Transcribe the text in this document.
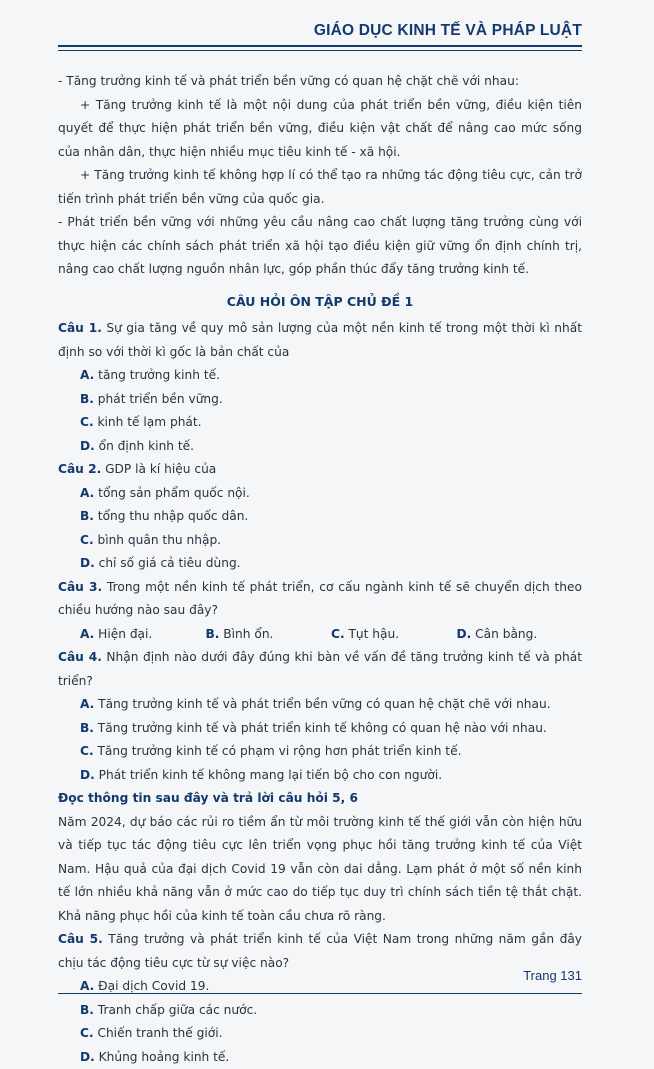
GIÁO DỤC KINH TẾ VÀ PHÁP LUẬT

- Tăng trưởng kinh tế và phát triển bền vững có quan hệ chặt chẽ với nhau:

+ Tăng trưởng kinh tế là một nội dung của phát triển bền vững, điều kiện tiên quyết để thực hiện phát triển bền vững, điều kiện vật chất để nâng cao mức sống của nhân dân, thực hiện nhiều mục tiêu kinh tế - xã hội.

+ Tăng trưởng kinh tế không hợp lí có thể tạo ra những tác động tiêu cực, cản trở tiến trình phát triển bền vững của quốc gia.

- Phát triển bền vững với những yêu cầu nâng cao chất lượng tăng trưởng cùng với thực hiện các chính sách phát triển xã hội tạo điều kiện giữ vững ổn định chính trị, nâng cao chất lượng nguồn nhân lực, góp phần thúc đẩy tăng trưởng kinh tế.

CÂU HỎI ÔN TẬP CHỦ ĐỀ 1

Câu 1. Sự gia tăng về quy mô sản lượng của một nền kinh tế trong một thời kì nhất định so với thời kì gốc là bản chất của

A. tăng trưởng kinh tế.
B. phát triển bền vững.
C. kinh tế lạm phát.
D. ổn định kinh tế.

Câu 2. GDP là kí hiệu của

A. tổng sản phẩm quốc nội.
B. tổng thu nhập quốc dân.
C. bình quân thu nhập.
D. chỉ số giá cả tiêu dùng.

Câu 3. Trong một nền kinh tế phát triển, cơ cấu ngành kinh tế sẽ chuyển dịch theo chiều hướng nào sau đây?

A. Hiện đại.	B. Bình ổn.	C. Tụt hậu.	D. Cân bằng.

Câu 4. Nhận định nào dưới đây đúng khi bàn về vấn đề tăng trưởng kinh tế và phát triển?

A. Tăng trưởng kinh tế và phát triển bền vững có quan hệ chặt chẽ với nhau.
B. Tăng trưởng kinh tế và phát triển kinh tế không có quan hệ nào với nhau.
C. Tăng trưởng kinh tế có phạm vi rộng hơn phát triển kinh tế.
D. Phát triển kinh tế không mang lại tiến bộ cho con người.

Đọc thông tin sau đây và trả lời câu hỏi 5, 6

Năm 2024, dự báo các rủi ro tiềm ẩn từ môi trường kinh tế thế giới vẫn còn hiện hữu và tiếp tục tác động tiêu cực lên triển vọng phục hồi tăng trưởng kinh tế của Việt Nam. Hậu quả của đại dịch Covid 19 vẫn còn dai dẳng. Lạm phát ở một số nền kinh tế lớn nhiều khả năng vẫn ở mức cao do tiếp tục duy trì chính sách tiền tệ thắt chặt. Khả năng phục hồi của kinh tế toàn cầu chưa rõ ràng.

Câu 5. Tăng trưởng và phát triển kinh tế của Việt Nam trong những năm gần đây chịu tác động tiêu cực từ sự việc nào?

A. Đại dịch Covid 19.
B. Tranh chấp giữa các nước.
C. Chiến tranh thế giới.
D. Khủng hoảng kinh tế.
Trang 131
